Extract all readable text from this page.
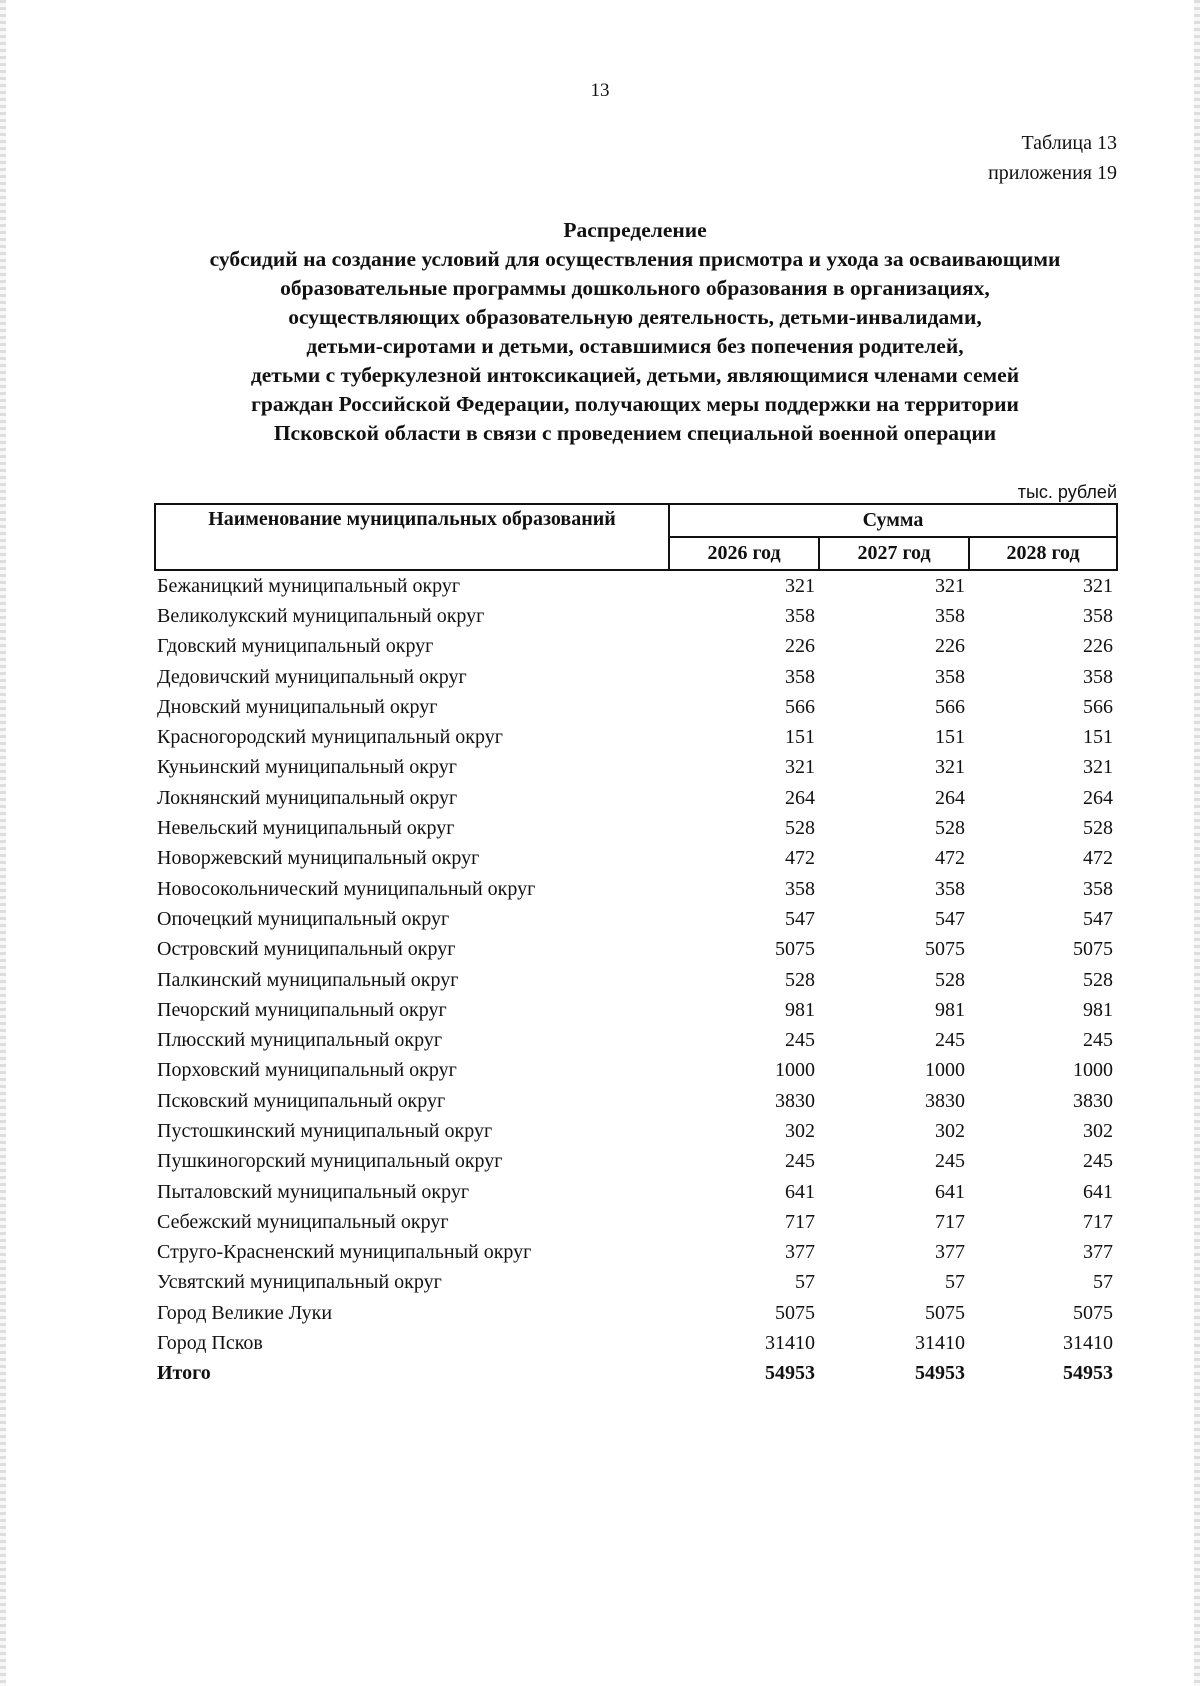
13
Таблица 13
приложения 19
Распределение
субсидий на создание условий для осуществления присмотра и ухода за осваивающими
образовательные программы дошкольного образования в организациях,
осуществляющих образовательную деятельность, детьми-инвалидами,
детьми-сиротами и детьми, оставшимися без попечения родителей,
детьми с туберкулезной интоксикацией, детьми, являющимися членами семей
граждан Российской Федерации, получающих меры поддержки на территории
Псковской области в связи с проведением специальной военной операции
тыс. рублей
Наименование муниципальных образований	Сумма		
	2026 год	2027 год	2028 год
Бежаницкий муниципальный округ	321	321	321
Великолукский муниципальный округ	358	358	358
Гдовский муниципальный округ	226	226	226
Дедовичский муниципальный округ	358	358	358
Дновский муниципальный округ	566	566	566
Красногородский муниципальный округ	151	151	151
Куньинский муниципальный округ	321	321	321
Локнянский муниципальный округ	264	264	264
Невельский муниципальный округ	528	528	528
Новоржевский муниципальный округ	472	472	472
Новосокольнический муниципальный округ	358	358	358
Опочецкий муниципальный округ	547	547	547
Островский муниципальный округ	5075	5075	5075
Палкинский муниципальный округ	528	528	528
Печорский муниципальный округ	981	981	981
Плюсский муниципальный округ	245	245	245
Порховский муниципальный округ	1000	1000	1000
Псковский муниципальный округ	3830	3830	3830
Пустошкинский муниципальный округ	302	302	302
Пушкиногорский муниципальный округ	245	245	245
Пыталовский муниципальный округ	641	641	641
Себежский муниципальный округ	717	717	717
Струго-Красненский муниципальный округ	377	377	377
Усвятский муниципальный округ	57	57	57
Город Великие Луки	5075	5075	5075
Город Псков	31410	31410	31410
Итого	54953	54953	54953
